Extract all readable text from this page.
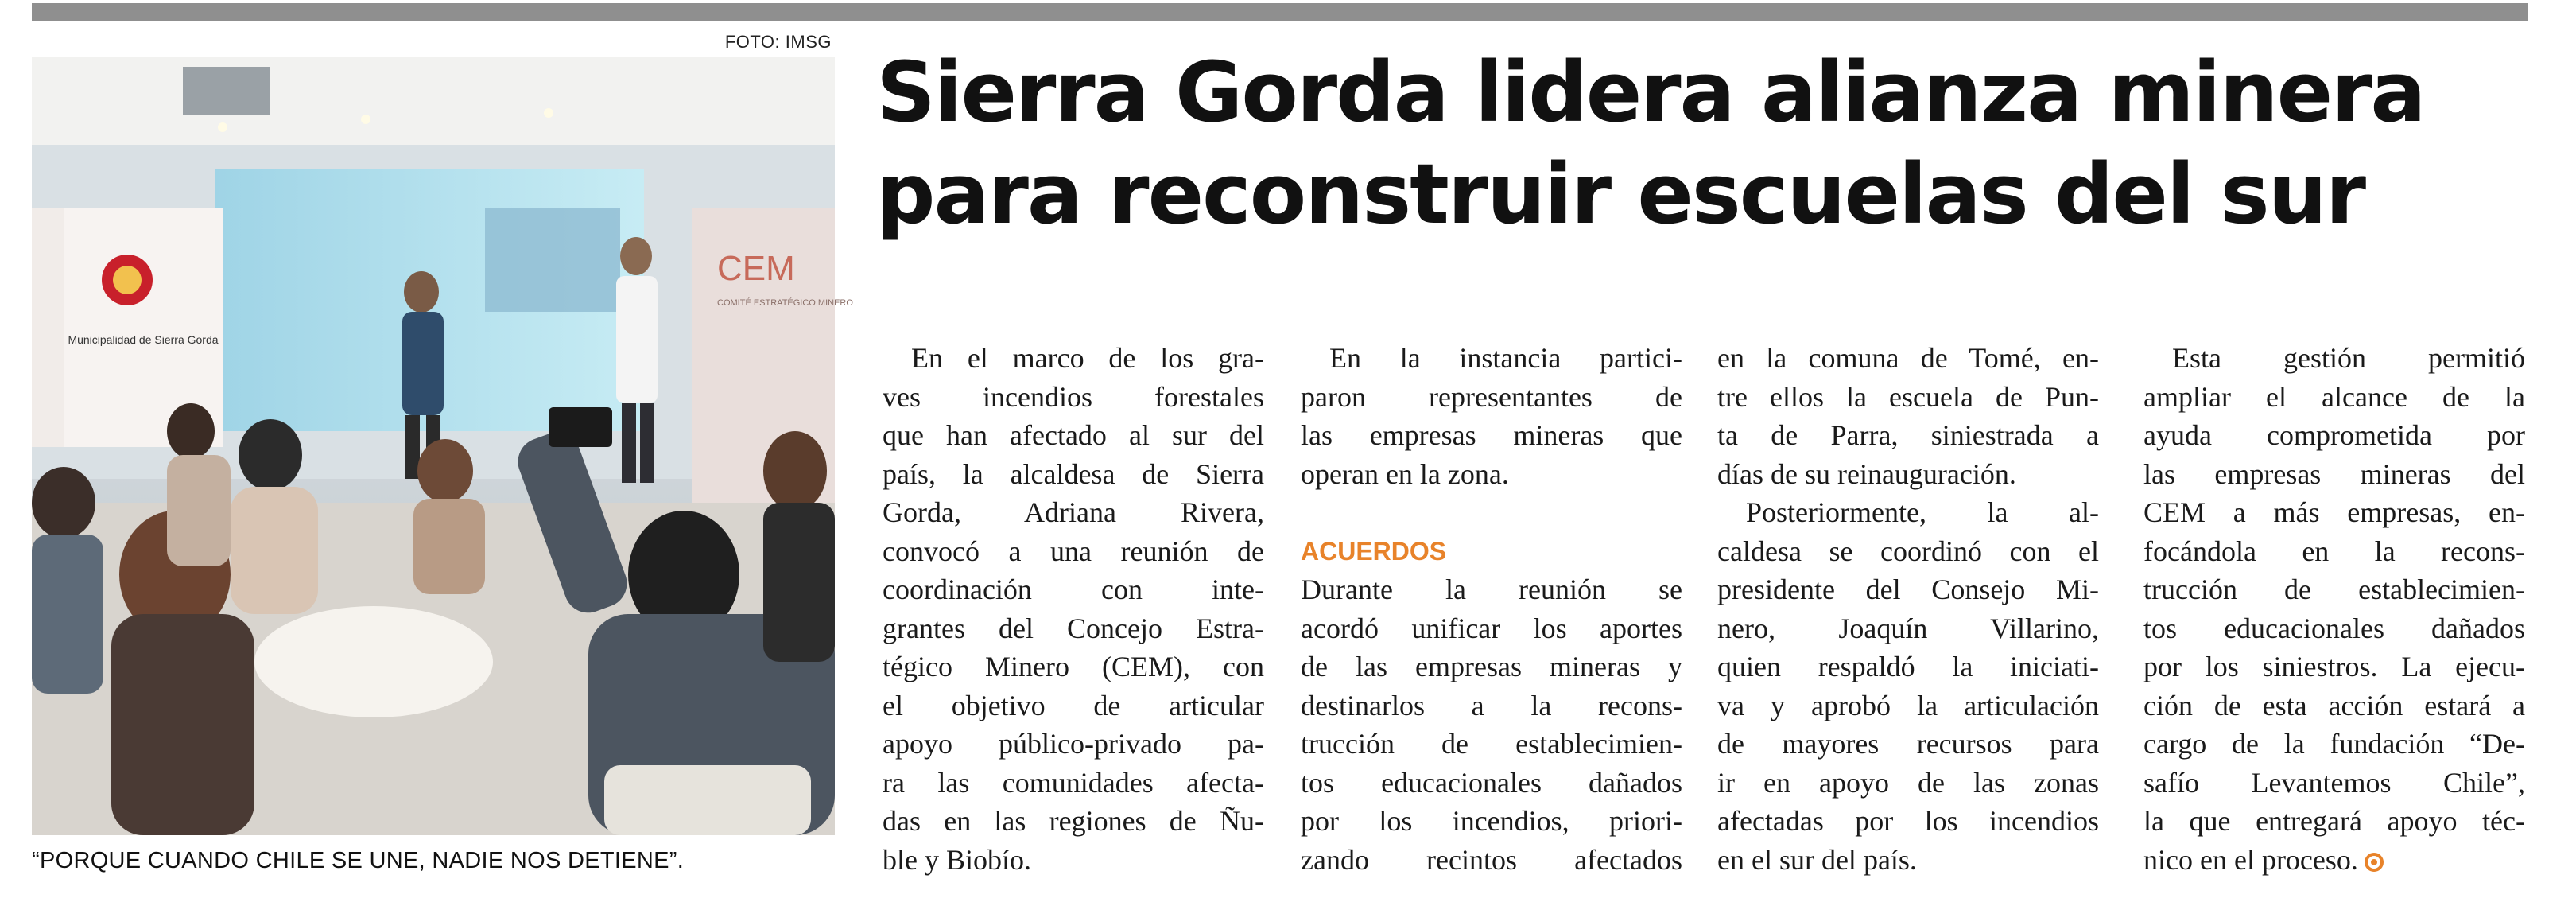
FOTO: IMSG
Municipalidad de Sierra Gorda
CEM
COMITÉ ESTRATÉGICO MINERO
“PORQUE CUANDO CHILE SE UNE, NADIE NOS DETIENE”.
Sierra Gorda lidera alianza minera
para reconstruir escuelas del sur
En el marco de los gra-
ves incendios forestales
que han afectado al sur del
país, la alcaldesa de Sierra
Gorda, Adriana Rivera,
convocó a una reunión de
coordinación con inte-
grantes del Concejo Estra-
tégico Minero (CEM), con
el objetivo de articular
apoyo público-privado pa-
ra las comunidades afecta-
das en las regiones de Ñu-
ble y Biobío.
En la instancia partici-
paron representantes de
las empresas mineras que
operan en la zona.
ACUERDOS
Durante la reunión se
acordó unificar los aportes
de las empresas mineras y
destinarlos a la recons-
trucción de establecimien-
tos educacionales dañados
por los incendios, priori-
zando recintos afectados
en la comuna de Tomé, en-
tre ellos la escuela de Pun-
ta de Parra, siniestrada a
días de su reinauguración.
Posteriormente, la al-
caldesa se coordinó con el
presidente del Consejo Mi-
nero, Joaquín Villarino,
quien respaldó la iniciati-
va y aprobó la articulación
de mayores recursos para
ir en apoyo de las zonas
afectadas por los incendios
en el sur del país.
Esta gestión permitió
ampliar el alcance de la
ayuda comprometida por
las empresas mineras del
CEM a más empresas, en-
focándola en la recons-
trucción de establecimien-
tos educacionales dañados
por los siniestros. La ejecu-
ción de esta acción estará a
cargo de la fundación “De-
safío Levantemos Chile”,
la que entregará apoyo téc-
nico en el proceso.
